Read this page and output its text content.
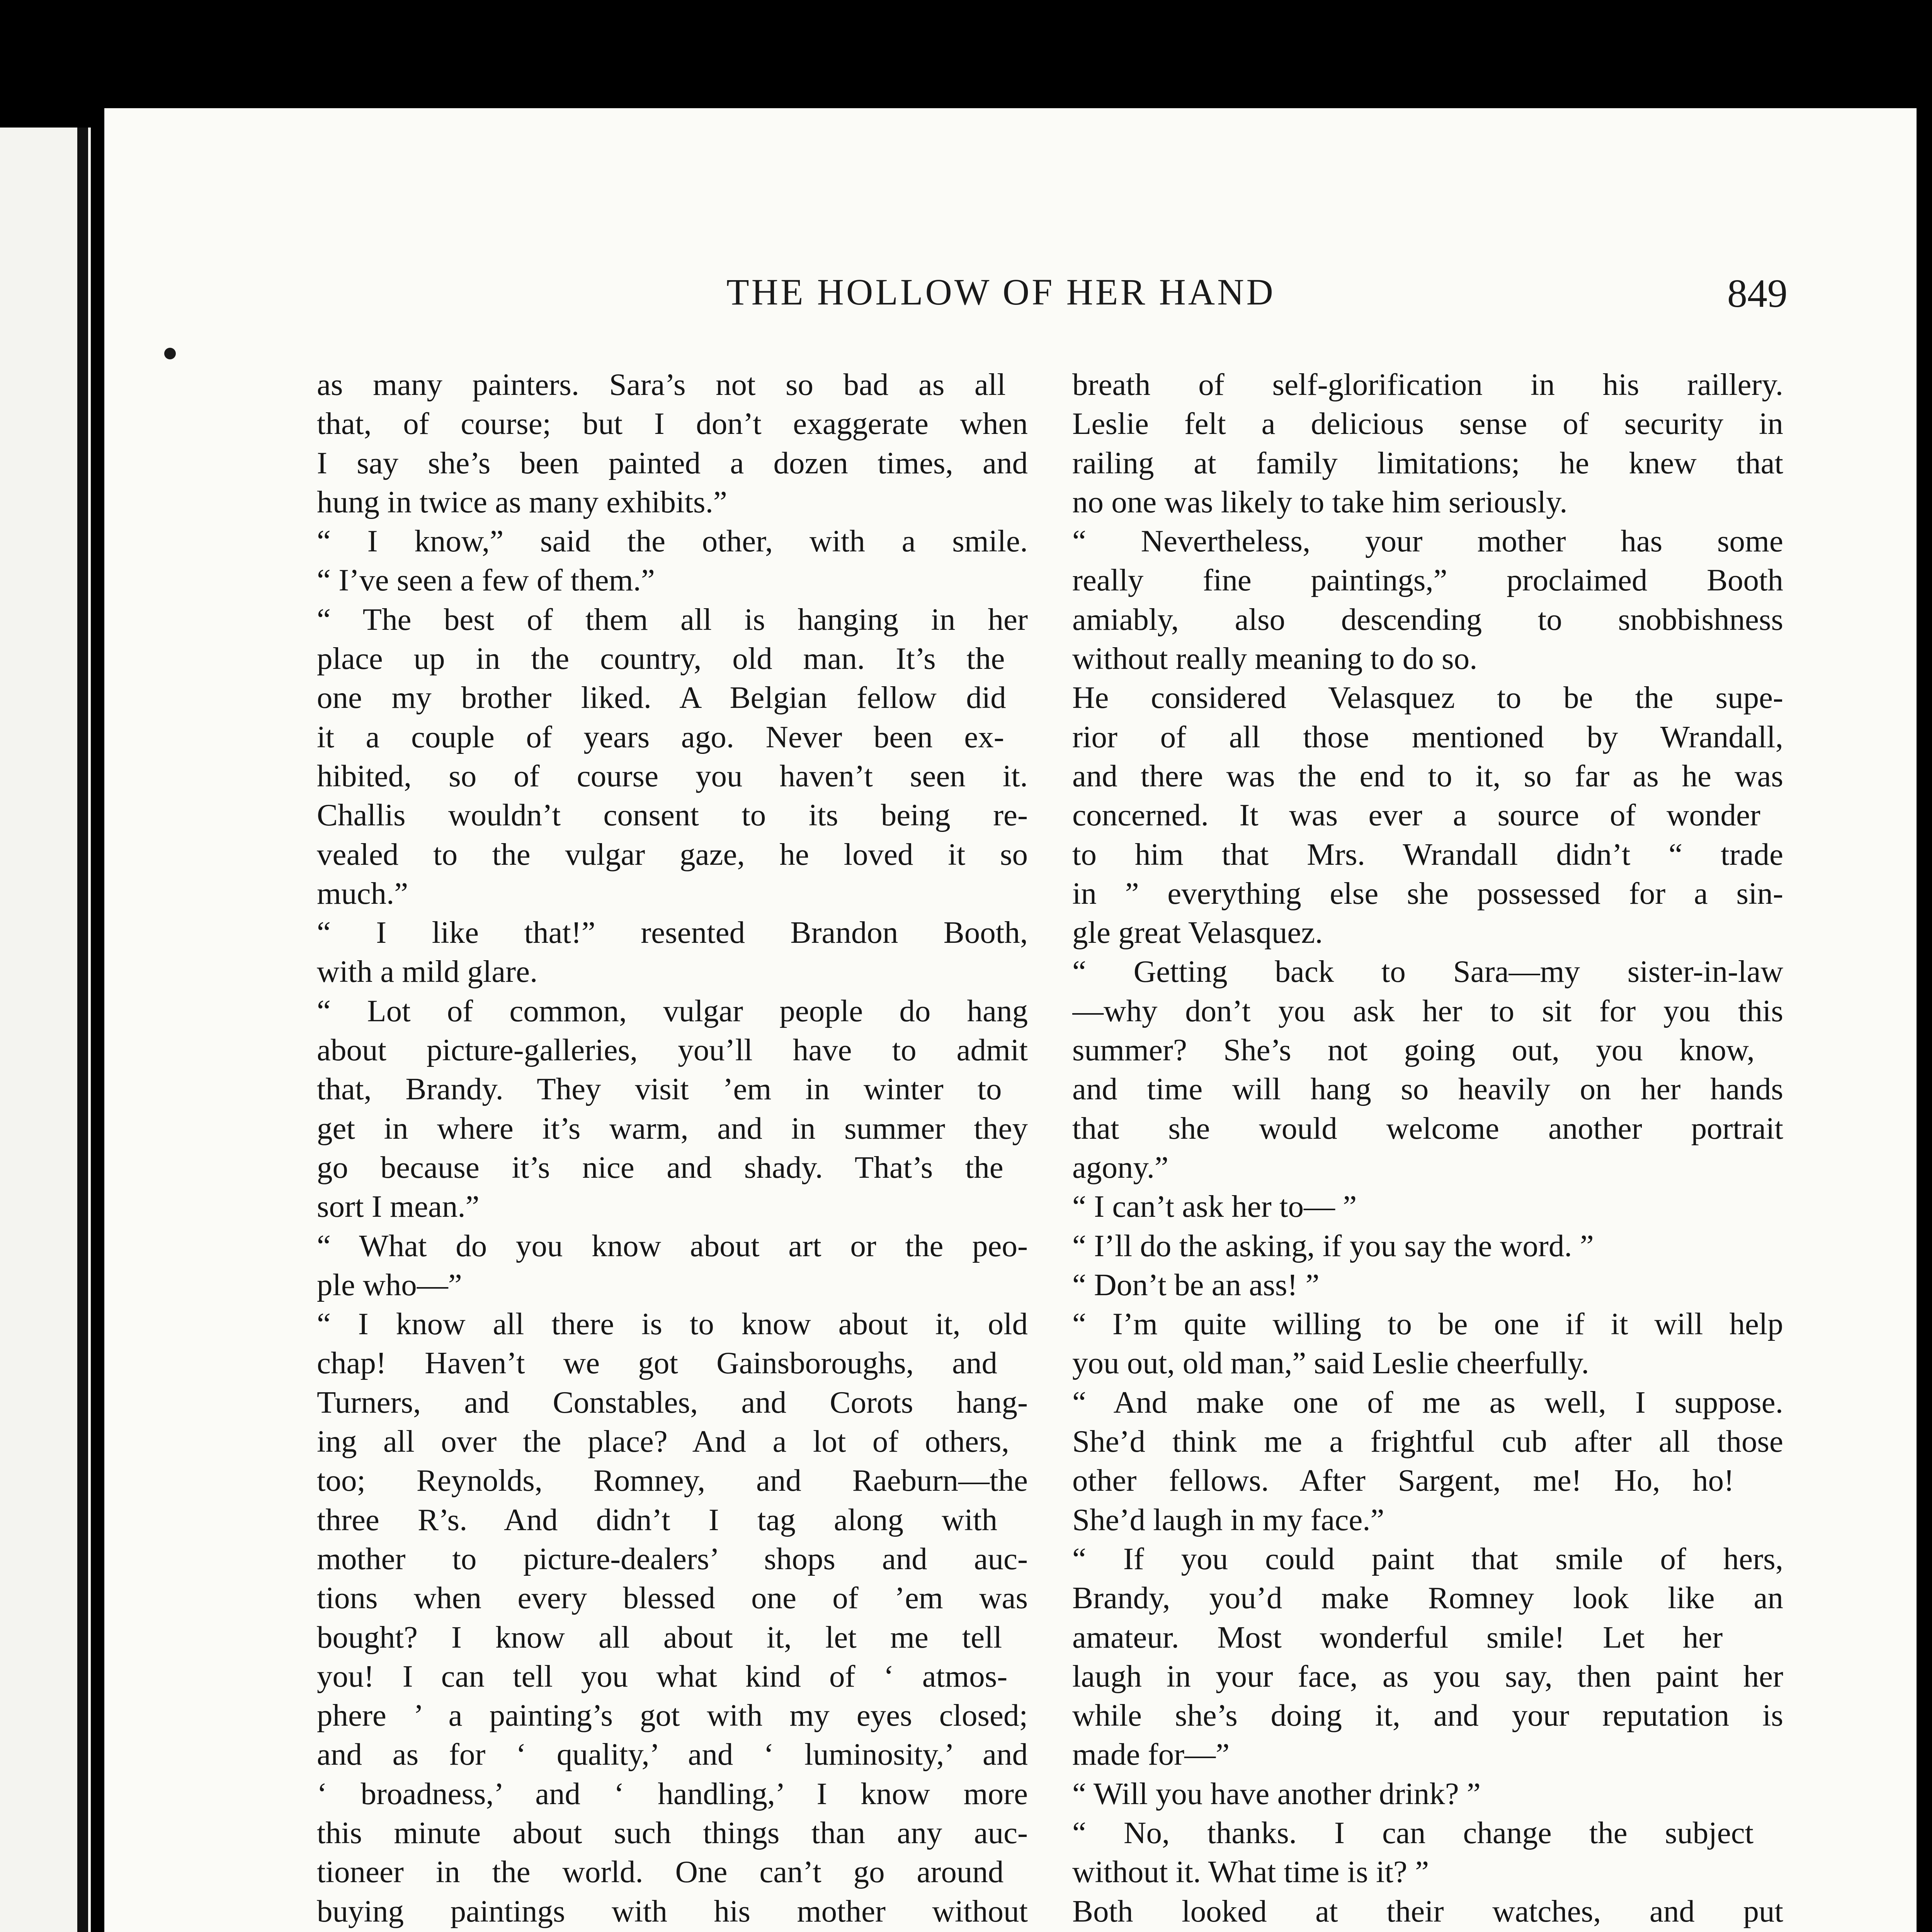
THE HOLLOW OF HER HAND	849
as many painters. Sara’s not so bad as all
that, of course; but I don’t exaggerate when
I say she’s been painted a dozen times, and
hung in twice as many exhibits.”
“ I know,” said the other, with a smile.
“ I’ve seen a few of them.”
“ The best of them all is hanging in her
place up in the country, old man. It’s the
one my brother liked. A Belgian fellow did
it a couple of years ago. Never been ex-
hibited, so of course you haven’t seen it.
Challis wouldn’t consent to its being re-
vealed to the vulgar gaze, he loved it so
much.”
“ I like that!” resented Brandon Booth,
with a mild glare.
“ Lot of common, vulgar people do hang
about picture-galleries, you’ll have to admit
that, Brandy. They visit ’em in winter to
get in where it’s warm, and in summer they
go because it’s nice and shady. That’s the
sort I mean.”
“ What do you know about art or the peo-
ple who—”
“ I know all there is to know about it, old
chap! Haven’t we got Gainsboroughs, and
Turners, and Constables, and Corots hang-
ing all over the place? And a lot of others,
too; Reynolds, Romney, and Raeburn—the
three R’s. And didn’t I tag along with
mother to picture-dealers’ shops and auc-
tions when every blessed one of ’em was
bought? I know all about it, let me tell
you! I can tell you what kind of ‘ atmos-
phere ’ a painting’s got with my eyes closed;
and as for ‘ quality,’ and ‘ luminosity,’ and
‘ broadness,’ and ‘ handling,’ I know more
this minute about such things than any auc-
tioneer in the world. One can’t go around
buying paintings with his mother without
breath of self-glorification in his raillery.
Leslie felt a delicious sense of security in
railing at family limitations; he knew that
no one was likely to take him seriously.
“ Nevertheless, your mother has some
really fine paintings,” proclaimed Booth
amiably, also descending to snobbishness
without really meaning to do so.
He considered Velasquez to be the supe-
rior of all those mentioned by Wrandall,
and there was the end to it, so far as he was
concerned. It was ever a source of wonder
to him that Mrs. Wrandall didn’t “ trade
in ” everything else she possessed for a sin-
gle great Velasquez.
“ Getting back to Sara—my sister-in-law
—why don’t you ask her to sit for you this
summer? She’s not going out, you know,
and time will hang so heavily on her hands
that she would welcome another portrait
agony.”
“ I can’t ask her to— ”
“ I’ll do the asking, if you say the word. ”
“ Don’t be an ass! ”
“ I’m quite willing to be one if it will help
you out, old man,” said Leslie cheerfully.
“ And make one of me as well, I suppose.
She’d think me a frightful cub after all those
other fellows. After Sargent, me! Ho, ho!
She’d laugh in my face.”
“ If you could paint that smile of hers,
Brandy, you’d make Romney look like an
amateur. Most wonderful smile! Let her
laugh in your face, as you say, then paint her
while she’s doing it, and your reputation is
made for—”
“ Will you have another drink? ”
“ No, thanks. I can change the subject
without it. What time is it? ”
Both looked at their watches, and put
